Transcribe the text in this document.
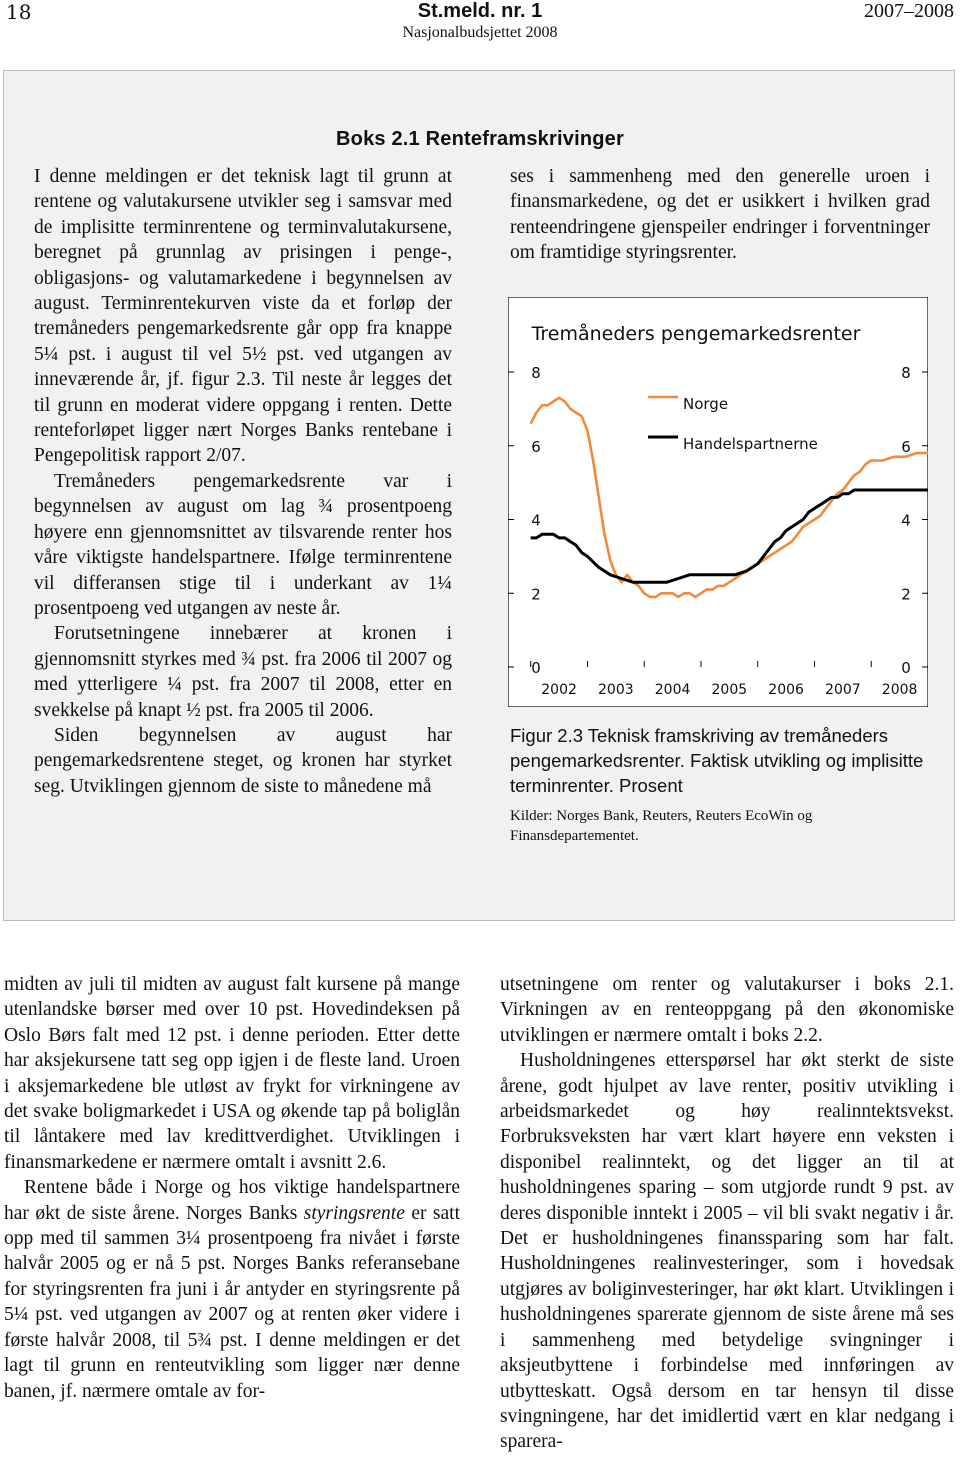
18	St.meld. nr. 1
Nasjonalbudsjettet 2008
2007–2008
Boks 2.1 Renteframskrivinger

I denne meldingen er det teknisk lagt til grunn at rentene og valutakursene utvikler seg i samsvar med de implisitte terminrentene og terminvalutakursene, beregnet på grunnlag av prisingen i penge-, obligasjons- og valutamarkedene i begynnelsen av august. Terminrentekurven viste da et forløp der tremåneders pengemarkedsrente går opp fra knappe 5¼ pst. i august til vel 5½ pst. ved utgangen av inneværende år, jf. figur 2.3. Til neste år legges det til grunn en moderat videre oppgang i renten. Dette renteforløpet ligger nært Norges Banks rentebane i Pengepolitisk rapport 2/07.

Tremåneders pengemarkedsrente var i begynnelsen av august om lag ¾ prosentpoeng høyere enn gjennomsnittet av tilsvarende renter hos våre viktigste handelspartnere. Ifølge terminrentene vil differansen stige til i underkant av 1¼ prosentpoeng ved utgangen av neste år.

Forutsetningene innebærer at kronen i gjennomsnitt styrkes med ¾ pst. fra 2006 til 2007 og med ytterligere ¼ pst. fra 2007 til 2008, etter en svekkelse på knapt ½ pst. fra 2005 til 2006.

Siden begynnelsen av august har pengemarkedsrentene steget, og kronen har styrket seg. Utviklingen gjennom de siste to månedene må

ses i sammenheng med den generelle uroen i finansmarkedene, og det er usikkert i hvilken grad renteendringene gjenspeiler endringer i forventninger om framtidige styringsrenter.

Tremåneders pengemarkedsrenter
0	0
2	2
4	4
6	6
8	8
2002 2003 2004 2005 2006 2007 2008
Norge
Handelspartnerne
Figur 2.3 Teknisk framskriving av tremåneders pengemarkedsrenter. Faktisk utvikling og implisitte terminrenter. Prosent
Kilder: Norges Bank, Reuters, Reuters EcoWin og Finansdepartementet.

midten av juli til midten av august falt kursene på mange utenlandske børser med over 10 pst. Hovedindeksen på Oslo Børs falt med 12 pst. i denne perioden. Etter dette har aksjekursene tatt seg opp igjen i de fleste land. Uroen i aksjemarkedene ble utløst av frykt for virkningene av det svake boligmarkedet i USA og økende tap på boliglån til låntakere med lav kredittverdighet. Utviklingen i finansmarkedene er nærmere omtalt i avsnitt 2.6.

Rentene både i Norge og hos viktige handelspartnere har økt de siste årene. Norges Banks styringsrente er satt opp med til sammen 3¼ prosentpoeng fra nivået i første halvår 2005 og er nå 5 pst. Norges Banks referansebane for styringsrenten fra juni i år antyder en styringsrente på 5¼ pst. ved utgangen av 2007 og at renten øker videre i første halvår 2008, til 5¾ pst. I denne meldingen er det lagt til grunn en renteutvikling som ligger nær denne banen, jf. nærmere omtale av for-

utsetningene om renter og valutakurser i boks 2.1. Virkningen av en renteoppgang på den økonomiske utviklingen er nærmere omtalt i boks 2.2.

Husholdningenes etterspørsel har økt sterkt de siste årene, godt hjulpet av lave renter, positiv utvikling i arbeidsmarkedet og høy realinntektsvekst. Forbruksveksten har vært klart høyere enn veksten i disponibel realinntekt, og det ligger an til at husholdningenes sparing – som utgjorde rundt 9 pst. av deres disponible inntekt i 2005 – vil bli svakt negativ i år. Det er husholdningenes finanssparing som har falt. Husholdningenes realinvesteringer, som i hovedsak utgjøres av boliginvesteringer, har økt klart. Utviklingen i husholdningenes sparerate gjennom de siste årene må ses i sammenheng med betydelige svingninger i aksjeutbyttene i forbindelse med innføringen av utbytteskatt. Også dersom en tar hensyn til disse svingningene, har det imidlertid vært en klar nedgang i sparera-
